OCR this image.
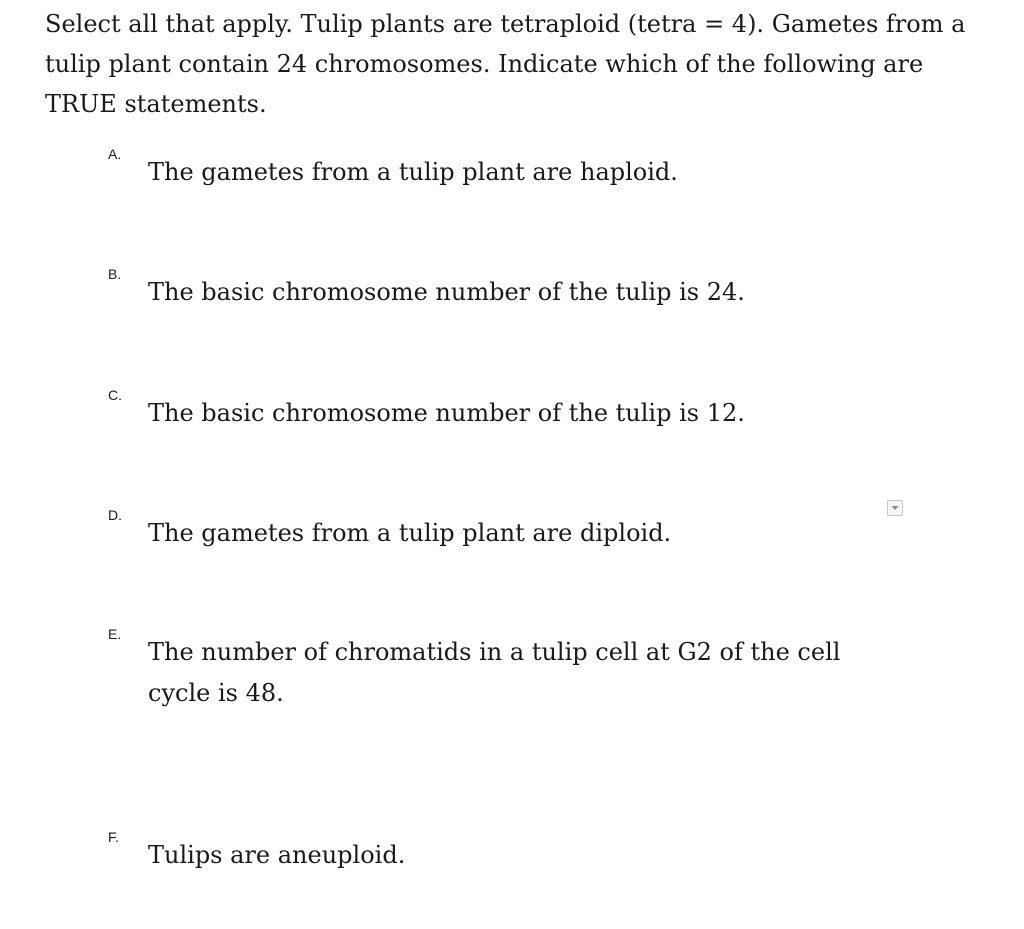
Select all that apply. Tulip plants are tetraploid (tetra = 4). Gametes from a tulip plant contain 24 chromosomes. Indicate which of the following are TRUE statements.

A.
The gametes from a tulip plant are haploid.
B.
The basic chromosome number of the tulip is 24.
C.
The basic chromosome number of the tulip is 12.
D.
The gametes from a tulip plant are diploid.
E.
The number of chromatids in a tulip cell at G2 of the cell cycle is 48.
F.
Tulips are aneuploid.
